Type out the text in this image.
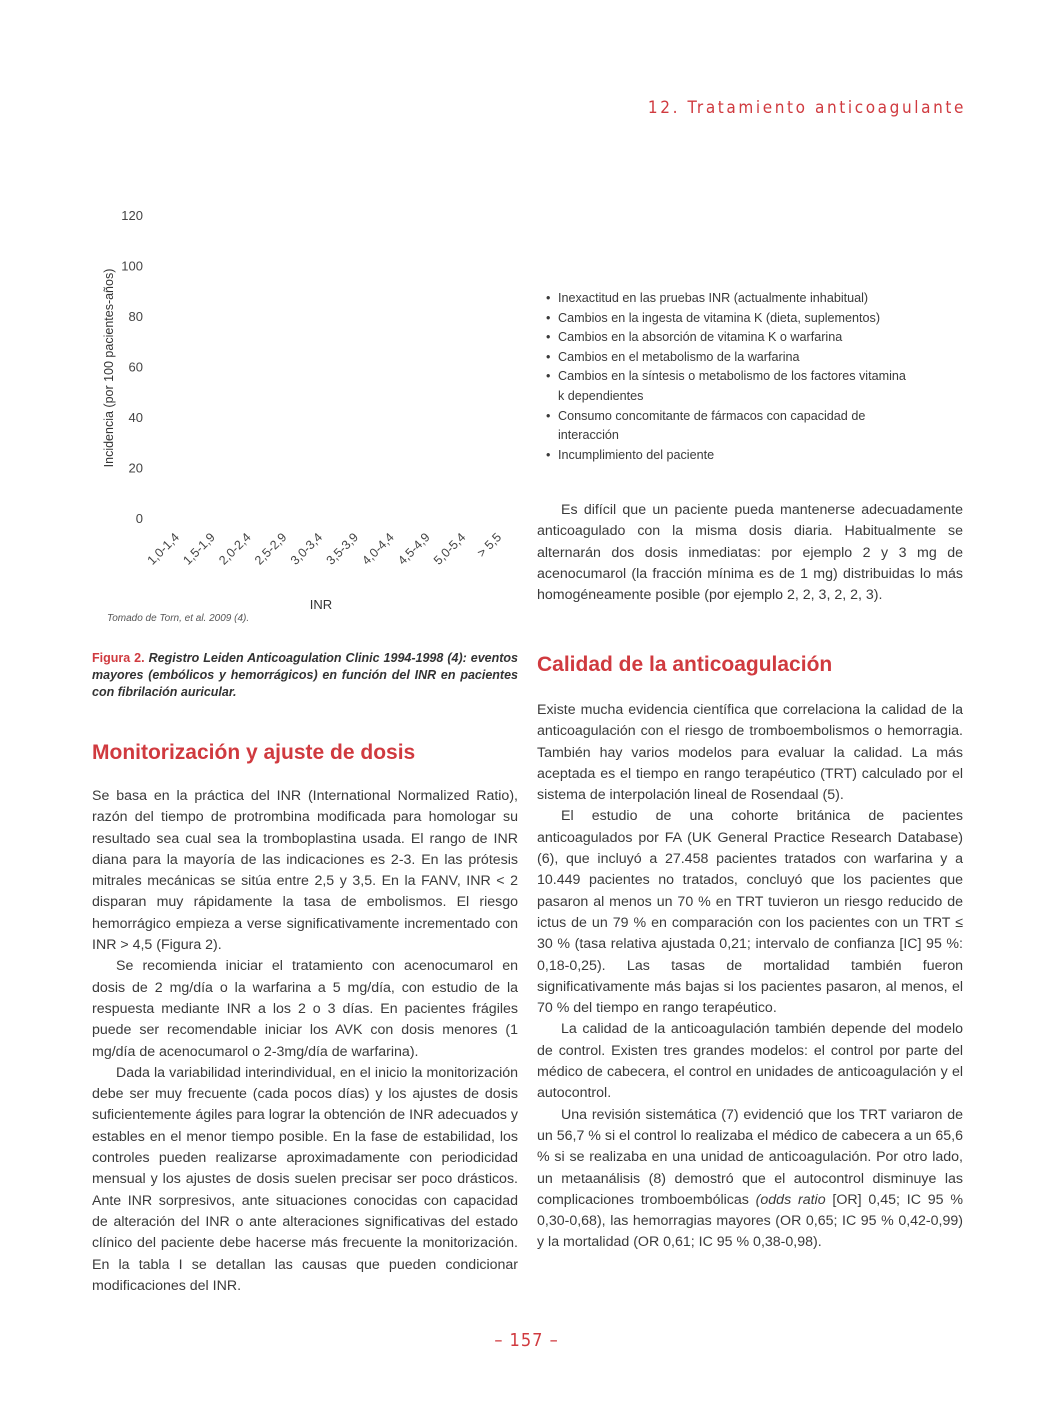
12. Tratamiento anticoagulante
0
20
40
60
80
100
120
Incidencia (por 100 pacientes-años)
1,0-1,4
1,5-1,9
2,0-2,4
2,5-2,9
3,0-3,4
3,5-3,9
4,0-4,4
4,5-4,9
5,0-5,4 > 5,5
INR
Tomado de Torn, et al. 2009 (4).
Figura 2. Registro Leiden Anticoagulation Clinic 1994-1998 (4): eventos mayores (embólicos y hemorrágicos) en función del INR en pacientes con fibrilación auricular.
• Inexactitud en las pruebas INR (actualmente inhabitual)
• Cambios en la ingesta de vitamina K (dieta, suplementos)
• Cambios en la absorción de vitamina K o warfarina
• Cambios en el metabolismo de la warfarina
• Cambios en la síntesis o metabolismo de los factores vitamina k dependientes
• Consumo concomitante de fármacos con capacidad de interacción
• Incumplimiento del paciente

Es difícil que un paciente pueda mantenerse adecuadamente anticoagulado con la misma dosis diaria. Habitualmente se alternarán dos dosis inmediatas: por ejemplo 2 y 3 mg de acenocumarol (la fracción mínima es de 1 mg) distribuidas lo más homogéneamente posible (por ejemplo 2, 2, 3, 2, 2, 3).

Monitorización y ajuste de dosis

Se basa en la práctica del INR (International Normalized Ratio), razón del tiempo de protrombina modificada para homologar su resultado sea cual sea la tromboplastina usada. El rango de INR diana para la mayoría de las indicaciones es 2-3. En las prótesis mitrales mecánicas se sitúa entre 2,5 y 3,5. En la FANV, INR < 2 disparan muy rápidamente la tasa de embolismos. El riesgo hemorrágico empieza a verse significativamente incrementado con INR > 4,5 (Figura 2).

Se recomienda iniciar el tratamiento con acenocumarol en dosis de 2 mg/día o la warfarina a 5 mg/día, con estudio de la respuesta mediante INR a los 2 o 3 días. En pacientes frágiles puede ser recomendable iniciar los AVK con dosis menores (1 mg/día de acenocumarol o 2-3mg/día de warfarina).

Dada la variabilidad interindividual, en el inicio la monitorización debe ser muy frecuente (cada pocos días) y los ajustes de dosis suficientemente ágiles para lograr la obtención de INR adecuados y estables en el menor tiempo posible. En la fase de estabilidad, los controles pueden realizarse aproximadamente con periodicidad mensual y los ajustes de dosis suelen precisar ser poco drásticos. Ante INR sorpresivos, ante situaciones conocidas con capacidad de alteración del INR o ante alteraciones significativas del estado clínico del paciente debe hacerse más frecuente la monitorización. En la tabla I se detallan las causas que pueden condicionar modificaciones del INR.

Calidad de la anticoagulación

Existe mucha evidencia científica que correlaciona la calidad de la anticoagulación con el riesgo de tromboembolismos o hemorragia. También hay varios modelos para evaluar la calidad. La más aceptada es el tiempo en rango terapéutico (TRT) calculado por el sistema de interpolación lineal de Rosendaal (5).

El estudio de una cohorte británica de pacientes anticoagulados por FA (UK General Practice Research Database) (6), que incluyó a 27.458 pacientes tratados con warfarina y a 10.449 pacientes no tratados, concluyó que los pacientes que pasaron al menos un 70 % en TRT tuvieron un riesgo reducido de ictus de un 79 % en comparación con los pacientes con un TRT ≤ 30 % (tasa relativa ajustada 0,21; intervalo de confianza [IC] 95 %: 0,18-0,25). Las tasas de mortalidad también fueron significativamente más bajas si los pacientes pasaron, al menos, el 70 % del tiempo en rango terapéutico.

La calidad de la anticoagulación también depende del modelo de control. Existen tres grandes modelos: el control por parte del médico de cabecera, el control en unidades de anticoagulación y el autocontrol.

Una revisión sistemática (7) evidenció que los TRT variaron de un 56,7 % si el control lo realizaba el médico de cabecera a un 65,6 % si se realizaba en una unidad de anticoagulación. Por otro lado, un metaanálisis (8) demostró que el autocontrol disminuye las complicaciones tromboembólicas (odds ratio [OR] 0,45; IC 95 % 0,30-0,68), las hemorragias mayores (OR 0,65; IC 95 % 0,42-0,99) y la mortalidad (OR 0,61; IC 95 % 0,38-0,98).

– 157 –
